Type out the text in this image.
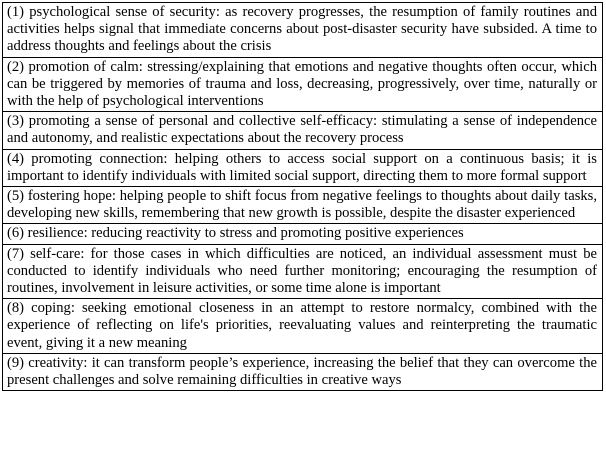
(1) psychological sense of security: as recovery progresses, the resumption of family routines and activities helps signal that immediate concerns about post-disaster security have subsided. A time to address thoughts and feelings about the crisis
(2) promotion of calm: stressing/explaining that emotions and negative thoughts often occur, which can be triggered by memories of trauma and loss, decreasing, progressively, over time, naturally or with the help of psychological interventions
(3) promoting a sense of personal and collective self-efficacy: stimulating a sense of independence and autonomy, and realistic expectations about the recovery process
(4) promoting connection: helping others to access social support on a continuous basis; it is important to identify individuals with limited social support, directing them to more formal support
(5) fostering hope: helping people to shift focus from negative feelings to thoughts about daily tasks, developing new skills, remembering that new growth is possible, despite the disaster experienced
(6) resilience: reducing reactivity to stress and promoting positive experiences
(7) self-care: for those cases in which difficulties are noticed, an individual assessment must be conducted to identify individuals who need further monitoring; encouraging the resumption of routines, involvement in leisure activities, or some time alone is important
(8) coping: seeking emotional closeness in an attempt to restore normalcy, combined with the experience of reflecting on life's priorities, reevaluating values and reinterpreting the traumatic event, giving it a new meaning
(9) creativity: it can transform people’s experience, increasing the belief that they can overcome the present challenges and solve remaining difficulties in creative ways
